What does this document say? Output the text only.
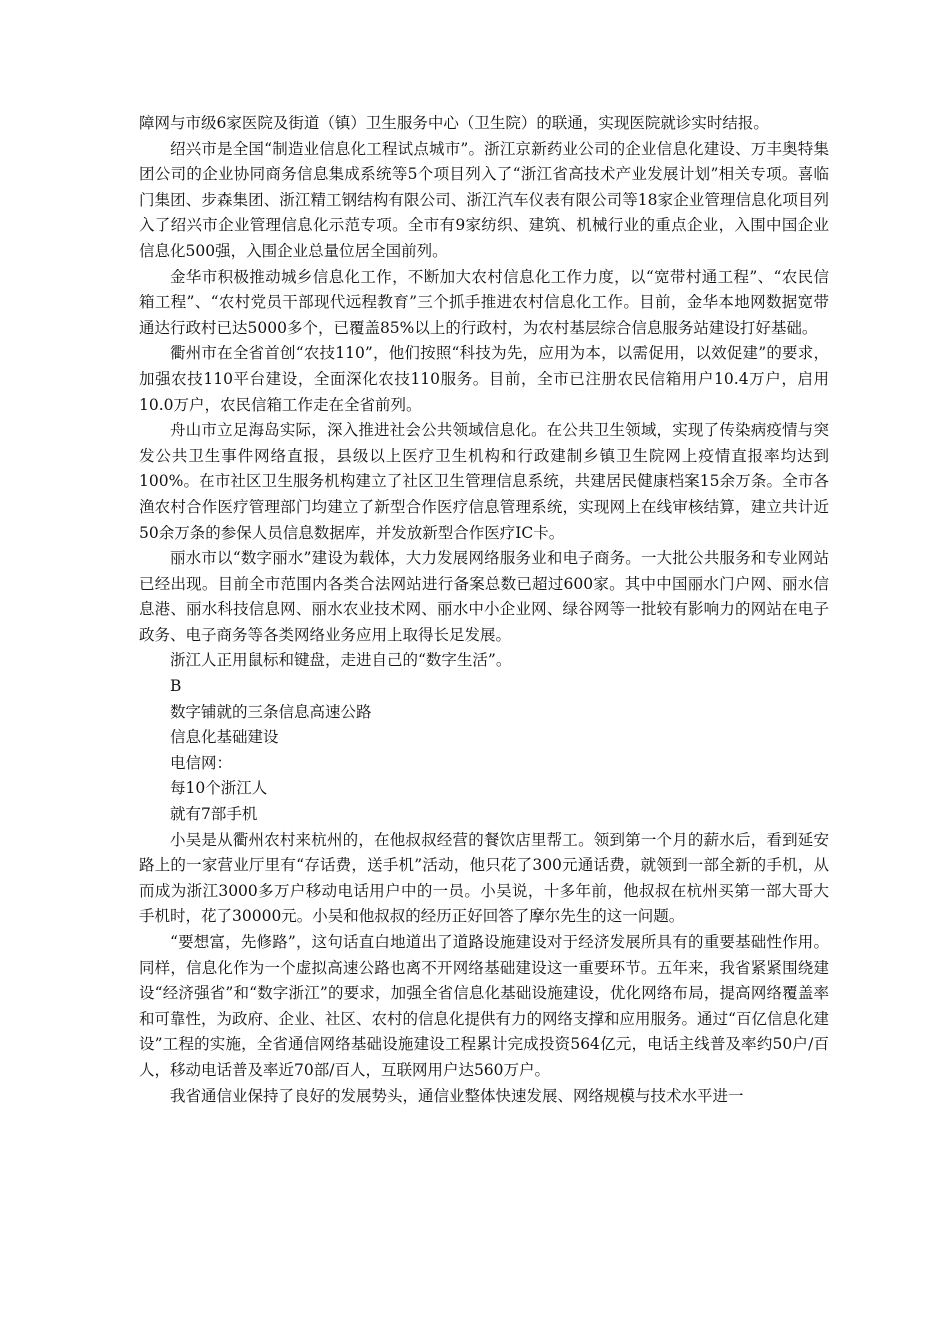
障网与市级6家医院及街道（镇）卫生服务中心（卫生院）的联通，实现医院就诊实时结报。

绍兴市是全国“制造业信息化工程试点城市”。浙江京新药业公司的企业信息化建设、万丰奥特集团公司的企业协同商务信息集成系统等5个项目列入了“浙江省高技术产业发展计划”相关专项。喜临门集团、步森集团、浙江精工钢结构有限公司、浙江汽车仪表有限公司等18家企业管理信息化项目列入了绍兴市企业管理信息化示范专项。全市有9家纺织、建筑、机械行业的重点企业，入围中国企业信息化500强，入围企业总量位居全国前列。

金华市积极推动城乡信息化工作，不断加大农村信息化工作力度，以“宽带村通工程”、“农民信箱工程”、“农村党员干部现代远程教育”三个抓手推进农村信息化工作。目前，金华本地网数据宽带通达行政村已达5000多个，已覆盖85%以上的行政村，为农村基层综合信息服务站建设打好基础。

衢州市在全省首创“农技110”，他们按照“科技为先，应用为本，以需促用，以效促建”的要求，加强农技110平台建设，全面深化农技110服务。目前，全市已注册农民信箱用户10.4万户，启用10.0万户，农民信箱工作走在全省前列。

舟山市立足海岛实际，深入推进社会公共领域信息化。在公共卫生领域，实现了传染病疫情与突发公共卫生事件网络直报，县级以上医疗卫生机构和行政建制乡镇卫生院网上疫情直报率均达到100%。在市社区卫生服务机构建立了社区卫生管理信息系统，共建居民健康档案15余万条。全市各渔农村合作医疗管理部门均建立了新型合作医疗信息管理系统，实现网上在线审核结算，建立共计近50余万条的参保人员信息数据库，并发放新型合作医疗IC卡。

丽水市以“数字丽水”建设为载体，大力发展网络服务业和电子商务。一大批公共服务和专业网站已经出现。目前全市范围内各类合法网站进行备案总数已超过600家。其中中国丽水门户网、丽水信息港、丽水科技信息网、丽水农业技术网、丽水中小企业网、绿谷网等一批较有影响力的网站在电子政务、电子商务等各类网络业务应用上取得长足发展。

浙江人正用鼠标和键盘，走进自己的“数字生活”。

B

数字铺就的三条信息高速公路

信息化基础建设

电信网：

每10个浙江人

就有7部手机

小吴是从衢州农村来杭州的，在他叔叔经营的餐饮店里帮工。领到第一个月的薪水后，看到延安路上的一家营业厅里有“存话费，送手机”活动，他只花了300元通话费，就领到一部全新的手机，从而成为浙江3000多万户移动电话用户中的一员。小吴说，十多年前，他叔叔在杭州买第一部大哥大手机时，花了30000元。小吴和他叔叔的经历正好回答了摩尔先生的这一问题。

“要想富，先修路”，这句话直白地道出了道路设施建设对于经济发展所具有的重要基础性作用。同样，信息化作为一个虚拟高速公路也离不开网络基础建设这一重要环节。五年来，我省紧紧围绕建设“经济强省”和“数字浙江”的要求，加强全省信息化基础设施建设，优化网络布局，提高网络覆盖率和可靠性，为政府、企业、社区、农村的信息化提供有力的网络支撑和应用服务。通过“百亿信息化建设”工程的实施，全省通信网络基础设施建设工程累计完成投资564亿元，电话主线普及率约50户/百人，移动电话普及率近70部/百人，互联网用户达560万户。

我省通信业保持了良好的发展势头，通信业整体快速发展、网络规模与技术水平进一
